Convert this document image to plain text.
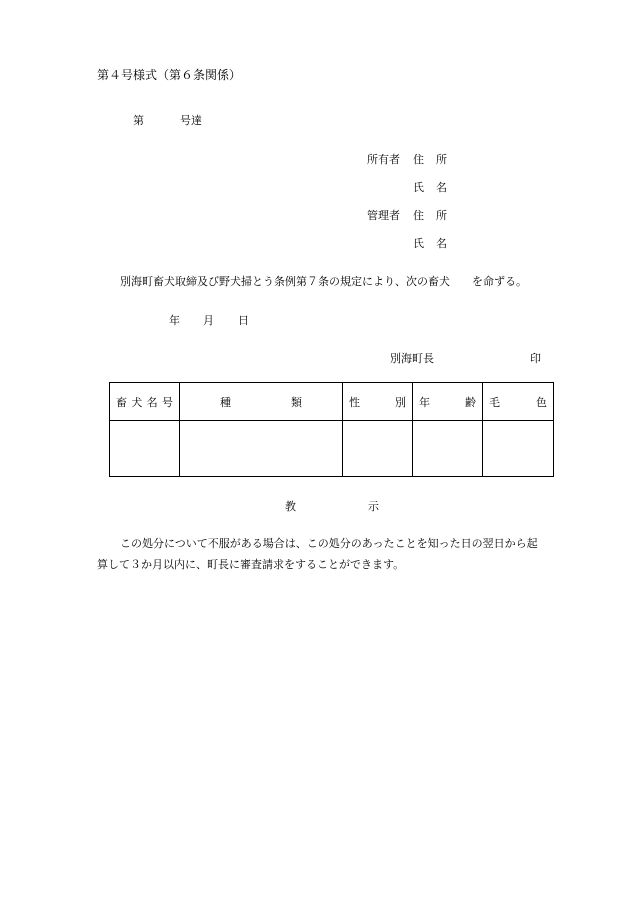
第４号様式（第６条関係）
第	号達
所有者 住 所
氏 名
管理者 住 所
氏 名
別海町畜犬取締及び野犬掃とう条例第７条の規定により、次の畜犬　　を命ずる。
年 月 日
別海町長	印
畜 犬 名 号	種 類	性 別	年 齢	毛 色

教	示
この処分について不服がある場合は、この処分のあったことを知った日の翌日から起
算して３か月以内に、町長に審査請求をすることができます。
